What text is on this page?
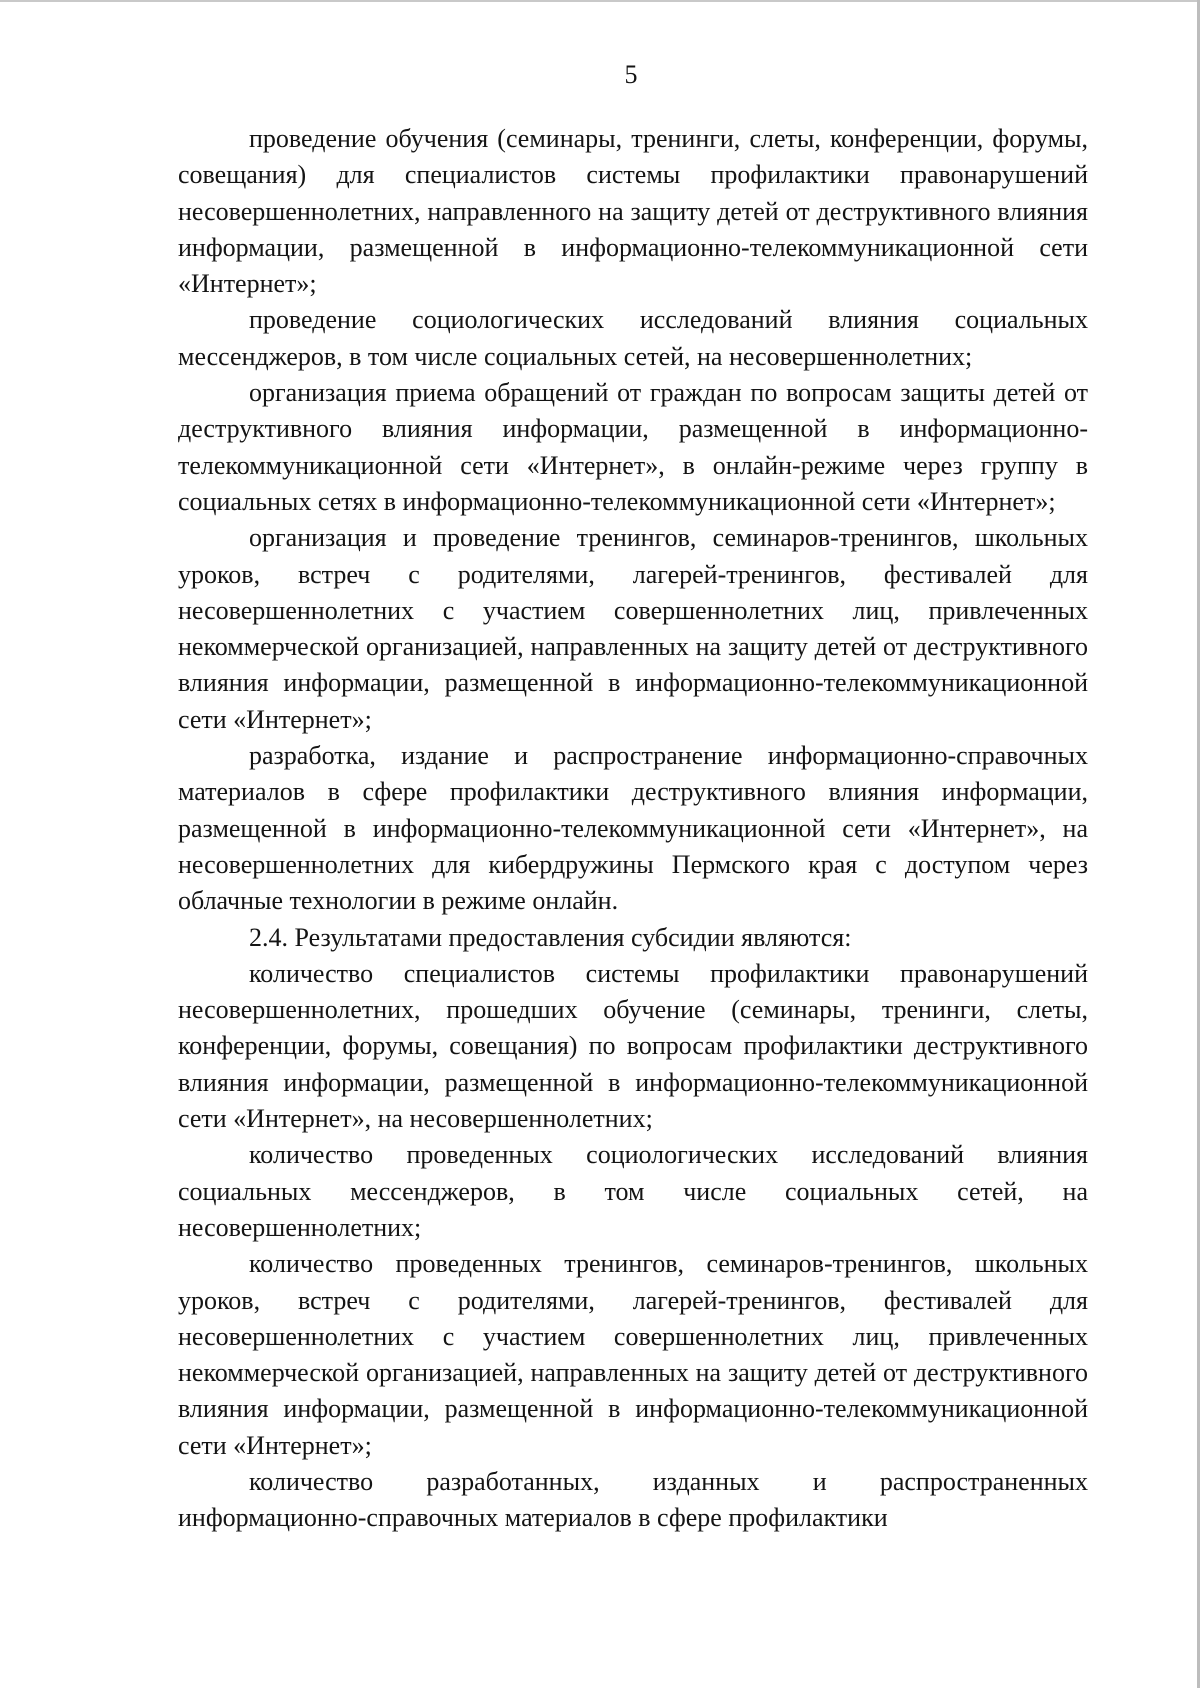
5

проведение обучения (семинары, тренинги, слеты, конференции, форумы, совещания) для специалистов системы профилактики правонарушений несовершеннолетних, направленного на защиту детей от деструктивного влияния информации, размещенной в информационно-телекоммуникационной сети «Интернет»;

проведение социологических исследований влияния социальных мессенджеров, в том числе социальных сетей, на несовершеннолетних;

организация приема обращений от граждан по вопросам защиты детей от деструктивного влияния информации, размещенной в информационно-телекоммуникационной сети «Интернет», в онлайн-режиме через группу в социальных сетях в информационно-телекоммуникационной сети «Интернет»;

организация и проведение тренингов, семинаров-тренингов, школьных уроков, встреч с родителями, лагерей-тренингов, фестивалей для несовершеннолетних с участием совершеннолетних лиц, привлеченных некоммерческой организацией, направленных на защиту детей от деструктивного влияния информации, размещенной в информационно-телекоммуникационной сети «Интернет»;

разработка, издание и распространение информационно-справочных материалов в сфере профилактики деструктивного влияния информации, размещенной в информационно-телекоммуникационной сети «Интернет», на несовершеннолетних для кибердружины Пермского края с доступом через облачные технологии в режиме онлайн.

2.4. Результатами предоставления субсидии являются:

количество специалистов системы профилактики правонарушений несовершеннолетних, прошедших обучение (семинары, тренинги, слеты, конференции, форумы, совещания) по вопросам профилактики деструктивного влияния информации, размещенной в информационно-телекоммуникационной сети «Интернет», на несовершеннолетних;

количество проведенных социологических исследований влияния социальных мессенджеров, в том числе социальных сетей, на несовершеннолетних;

количество проведенных тренингов, семинаров-тренингов, школьных уроков, встреч с родителями, лагерей-тренингов, фестивалей для несовершеннолетних с участием совершеннолетних лиц, привлеченных некоммерческой организацией, направленных на защиту детей от деструктивного влияния информации, размещенной в информационно-телекоммуникационной сети «Интернет»;

количество разработанных, изданных и распространенных информационно-справочных материалов в сфере профилактики
